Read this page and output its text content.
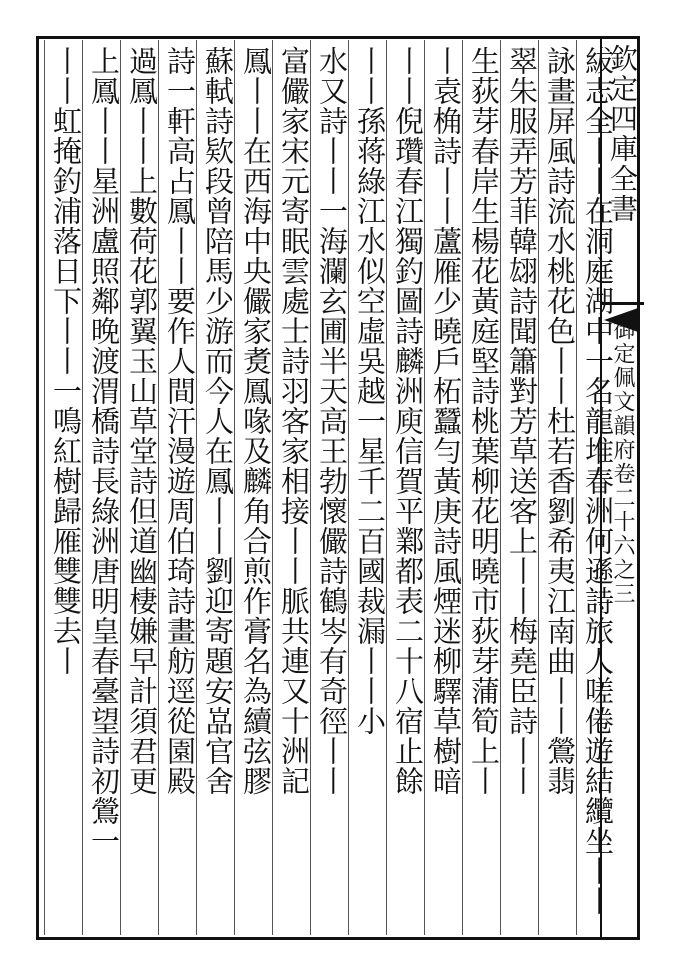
欽定四庫全書
御定佩文韻府卷二十六之三
紱志全丨丨在洞庭湖中一名龍堆春洲何遜詩旅人嗟倦遊結纜坐丨丨
詠畫屏風詩流水桃花色丨丨杜若香劉希夷江南曲丨丨鶯翡
翠朱服弄芳菲韓翃詩聞簫對芳草送客上丨丨梅堯臣詩丨丨
生荻芽春岸生楊花黃庭堅詩桃葉柳花明曉市荻芽蒲筍上丨
丨袁桷詩丨丨蘆雁少曉戶柘蠶勻黃庚詩風煙迷柳驛草樹暗
丨丨倪瓚春江獨釣圖詩麟洲庾信賀平鄴都表二十八宿止餘
丨丨孫蒋綠江水似空虛吳越一星千二百國裁漏丨丨小
水又詩丨丨一海瀾玄圃半天高王勃懷儼詩鶴岑有奇徑丨丨
富儼家宋元寄眠雲處士詩羽客家相接丨丨脈共連又十洲記
鳳丨丨在西海中央儼家煑鳳喙及麟角合煎作膏名為續弦膠
蘇軾詩欵段曾陪馬少游而今人在鳳丨丨劉迎寄題安嵓官舍
詩一軒高占鳳丨丨要作人間汗漫遊周伯琦詩畫舫逕從園殿
過鳳丨丨上數荷花郭翼玉山草堂詩但道幽棲嫌早計須君更
上鳳丨丨星洲盧照鄰晚渡渭橋詩長綠洲唐明皇春臺望詩初鶯一
丨丨虹掩釣浦落日下丨丨一鳴紅樹歸雁雙雙去丨
